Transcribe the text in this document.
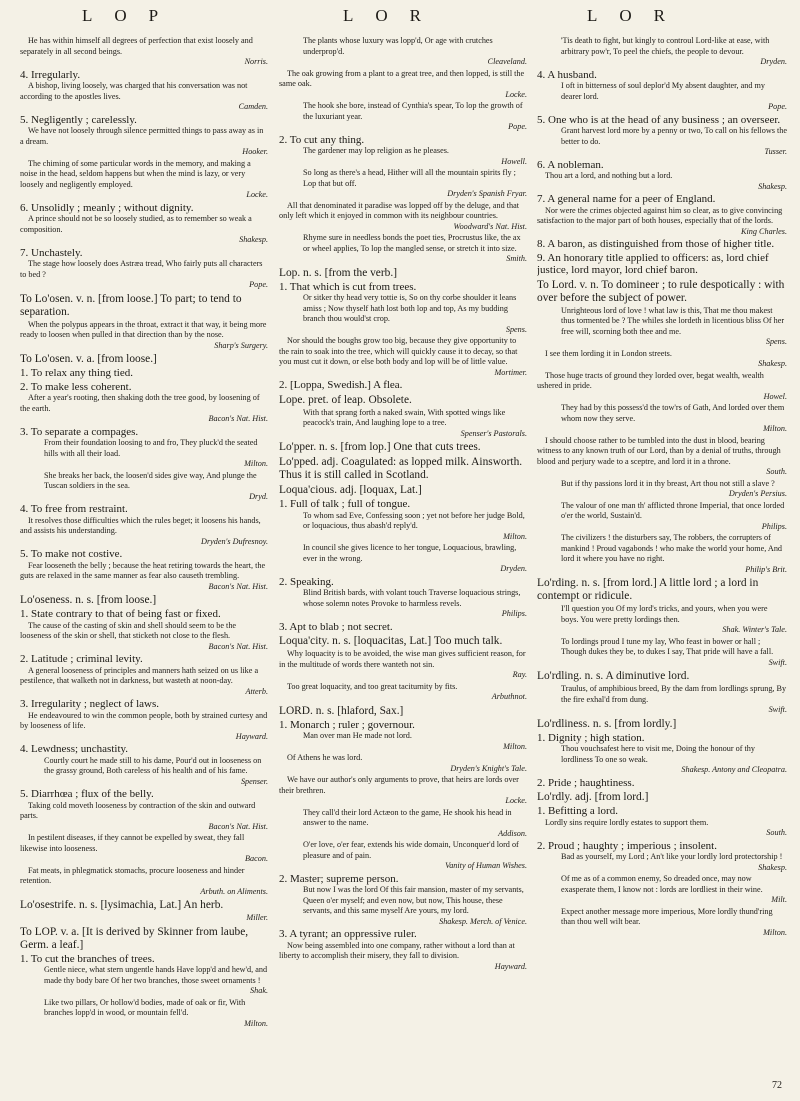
LOP	LOR	LOR

He has within himself all degrees of perfection that exist loosely and separately in all second beings.

Norris.

4. Irregularly.

A bishop, living loosely, was charged that his conversation was not according to the apostles lives.

Camden.

5. Negligently ; carelessly.

We have not loosely through silence permitted things to pass away as in a dream.

Hooker.

The chiming of some particular words in the memory, and making a noise in the head, seldom happens but when the mind is lazy, or very loosely and negligently employed.

Locke.

6. Unsolidly ; meanly ; without dignity.

A prince should not be so loosely studied, as to remember so weak a composition.

Shakesp.

7. Unchastely.

The stage how loosely does Astræa tread, Who fairly puts all characters to bed ?

Pope.

To Lo'osen. v. n. [from loose.] To part; to tend to separation.

When the polypus appears in the throat, extract it that way, it being more ready to loosen when pulled in that direction than by the nose.

Sharp's Surgery.

To Lo'osen. v. a. [from loose.]

1. To relax any thing tied.

2. To make less coherent.

After a year's rooting, then shaking doth the tree good, by loosening of the earth.

Bacon's Nat. Hist.

3. To separate a compages.

From their foundation loosing to and fro, They pluck'd the seated hills with all their load.

Milton.

She breaks her back, the loosen'd sides give way, And plunge the Tuscan soldiers in the sea.

Dryd.

4. To free from restraint.

It resolves those difficulties which the rules beget; it loosens his hands, and assists his understanding.

Dryden's Dufresnoy.

5. To make not costive.

Fear looseneth the belly ; because the heat retiring towards the heart, the guts are relaxed in the same manner as fear also causeth trembling.

Bacon's Nat. Hist.

Lo'oseness. n. s. [from loose.]

1. State contrary to that of being fast or fixed.

The cause of the casting of skin and shell should seem to be the looseness of the skin or shell, that sticketh not close to the flesh.

Bacon's Nat. Hist.

2. Latitude ; criminal levity.

A general looseness of principles and manners hath seized on us like a pestilence, that walketh not in darkness, but wasteth at noon-day.

Atterb.

3. Irregularity ; neglect of laws.

He endeavoured to win the common people, both by strained curtesy and by looseness of life.

Hayward.

4. Lewdness; unchastity.

Courtly court he made still to his dame, Pour'd out in looseness on the grassy ground, Both careless of his health and of his fame.

Spenser.

5. Diarrhœa ; flux of the belly.

Taking cold moveth looseness by contraction of the skin and outward parts.

Bacon's Nat. Hist.

In pestilent diseases, if they cannot be expelled by sweat, they fall likewise into looseness.

Bacon.

Fat meats, in phlegmatick stomachs, procure looseness and hinder retention.

Arbuth. on Aliments.

Lo'osestrife. n. s. [lysimachia, Lat.] An herb.

Miller.

To LOP. v. a. [It is derived by Skinner from laube, Germ. a leaf.]

1. To cut the branches of trees.

Gentle niece, what stern ungentle hands Have lopp'd and hew'd, and made thy body bare Of her two branches, those sweet ornaments !

Shak.

Like two pillars, Or hollow'd bodies, made of oak or fir, With branches lopp'd in wood, or mountain fell'd.

Milton.

The plants whose luxury was lopp'd, Or age with crutches underprop'd.

Cleaveland.

The oak growing from a plant to a great tree, and then lopped, is still the same oak.

Locke.

The hook she bore, instead of Cynthia's spear, To lop the growth of the luxuriant year.

Pope.

2. To cut any thing.

The gardener may lop religion as he pleases.

Howell.

So long as there's a head, Hither will all the mountain spirits fly ; Lop that but off.

Dryden's Spanish Fryar.

All that denominated it paradise was lopped off by the deluge, and that only left which it enjoyed in common with its neighbour countries.

Woodward's Nat. Hist.

Rhyme sure in needless bonds the poet ties, Procrustus like, the ax or wheel applies, To lop the mangled sense, or stretch it into size.

Smith.

Lop. n. s. [from the verb.]

1. That which is cut from trees.

Or sitker thy head very tottie is, So on thy corbe shoulder it leans amiss ; Now thyself hath lost both lop and top, As my budding branch thou would'st crop.

Spens.

Nor should the boughs grow too big, because they give opportunity to the rain to soak into the tree, which will quickly cause it to decay, so that you must cut it down, or else both body and lop will be of little value.

Mortimer.

2. [Loppa, Swedish.] A flea.

Lope. pret. of leap. Obsolete.

With that sprang forth a naked swain, With spotted wings like peacock's train, And laughing lope to a tree.

Spenser's Pastorals.

Lo'pper. n. s. [from lop.] One that cuts trees.

Lo'pped. adj. Coagulated: as lopped milk. Ainsworth. Thus it is still called in Scotland.

Loqua'cious. adj. [loquax, Lat.]

1. Full of talk ; full of tongue.

To whom sad Eve, Confessing soon ; yet not before her judge Bold, or loquacious, thus abash'd reply'd.

Milton.

In council she gives licence to her tongue, Loquacious, brawling, ever in the wrong.

Dryden.

2. Speaking.

Blind British bards, with volant touch Traverse loquacious strings, whose solemn notes Provoke to harmless revels.

Philips.

3. Apt to blab ; not secret.

Loqua'city. n. s. [loquacitas, Lat.] Too much talk.

Why loquacity is to be avoided, the wise man gives sufficient reason, for in the multitude of words there wanteth not sin.

Ray.

Too great loquacity, and too great taciturnity by fits.

Arbuthnot.

LORD. n. s. [hlaford, Sax.]

1. Monarch ; ruler ; governour.

Man over man He made not lord.

Milton.

Of Athens he was lord.

Dryden's Knight's Tale.

We have our author's only arguments to prove, that heirs are lords over their brethren.

Locke.

They call'd their lord Actæon to the game, He shook his head in answer to the name.

Addison.

O'er love, o'er fear, extends his wide domain, Unconquer'd lord of pleasure and of pain.

Vanity of Human Wishes.

2. Master; supreme person.

But now I was the lord Of this fair mansion, master of my servants, Queen o'er myself; and even now, but now, This house, these servants, and this same myself Are yours, my lord.

Shakesp. Merch. of Venice.

3. A tyrant; an oppressive ruler.

Now being assembled into one company, rather without a lord than at liberty to accomplish their misery, they fall to division.

Hayward.

'Tis death to fight, but kingly to controul Lord-like at ease, with arbitrary pow'r, To peel the chiefs, the people to devour.

Dryden.

4. A husband.

I oft in bitterness of soul deplor'd My absent daughter, and my dearer lord.

Pope.

5. One who is at the head of any business ; an overseer.

Grant harvest lord more by a penny or two, To call on his fellows the better to do.

Tusser.

6. A nobleman.

Thou art a lord, and nothing but a lord.

Shakesp.

7. A general name for a peer of England.

Nor were the crimes objected against him so clear, as to give convincing satisfaction to the major part of both houses, especially that of the lords.

King Charles.

8. A baron, as distinguished from those of higher title.

9. An honorary title applied to officers: as, lord chief justice, lord mayor, lord chief baron.

To Lord. v. n. To domineer ; to rule despotically : with over before the subject of power.

Unrighteous lord of love ! what law is this, That me thou makest thus tormented be ? The whiles she lordeth in licentious bliss Of her free will, scorning both thee and me.

Spens.

I see them lording it in London streets.

Shakesp.

Those huge tracts of ground they lorded over, begat wealth, wealth ushered in pride.

Howel.

They had by this possess'd the tow'rs of Gath, And lorded over them whom now they serve.

Milton.

I should choose rather to be tumbled into the dust in blood, bearing witness to any known truth of our Lord, than by a denial of truths, through blood and perjury wade to a sceptre, and lord it in a throne.

South.

But if thy passions lord it in thy breast, Art thou not still a slave ?

Dryden's Persius.

The valour of one man th' afflicted throne Imperial, that once lorded o'er the world, Sustain'd.

Philips.

The civilizers ! the disturbers say, The robbers, the corrupters of mankind ! Proud vagabonds ! who make the world your home, And lord it where you have no right.

Philip's Brit.

Lo'rding. n. s. [from lord.] A little lord ; a lord in contempt or ridicule.

I'll question you Of my lord's tricks, and yours, when you were boys. You were pretty lordings then.

Shak. Winter's Tale.

To lordings proud I tune my lay, Who feast in bower or hall ; Though dukes they be, to dukes I say, That pride will have a fall.

Swift.

Lo'rdling. n. s. A diminutive lord.

Traulus, of amphibious breed, By the dam from lordlings sprung, By the fire exhal'd from dung.

Swift.

Lo'rdliness. n. s. [from lordly.]

1. Dignity ; high station.

Thou vouchsafest here to visit me, Doing the honour of thy lordliness To one so weak.

Shakesp. Antony and Cleopatra.

2. Pride ; haughtiness.

Lo'rdly. adj. [from lord.]

1. Befitting a lord.

Lordly sins require lordly estates to support them.

South.

2. Proud ; haughty ; imperious ; insolent.

Bad as yourself, my Lord ; An't like your lordly lord protectorship !

Shakesp.

Of me as of a common enemy, So dreaded once, may now exasperate them, I know not : lords are lordliest in their wine.

Milt.

Expect another message more imperious, More lordly thund'ring than thou well wilt bear.

Milton.

72
